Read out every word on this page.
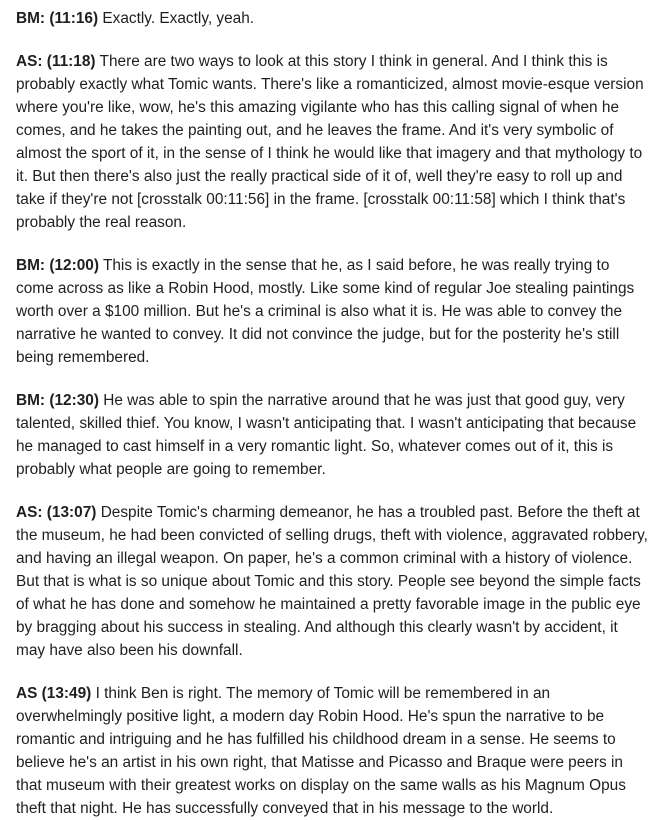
BM: (11:16) Exactly. Exactly, yeah.

AS: (11:18) There are two ways to look at this story I think in general. And I think this is probably exactly what Tomic wants. There's like a romanticized, almost movie-esque version where you're like, wow, he's this amazing vigilante who has this calling signal of when he comes, and he takes the painting out, and he leaves the frame. And it's very symbolic of almost the sport of it, in the sense of I think he would like that imagery and that mythology to it. But then there's also just the really practical side of it of, well they're easy to roll up and take if they're not [crosstalk 00:11:56] in the frame. [crosstalk 00:11:58] which I think that's probably the real reason.

BM: (12:00) This is exactly in the sense that he, as I said before, he was really trying to come across as like a Robin Hood, mostly. Like some kind of regular Joe stealing paintings worth over a $100 million. But he's a criminal is also what it is. He was able to convey the narrative he wanted to convey. It did not convince the judge, but for the posterity he's still being remembered.

BM: (12:30) He was able to spin the narrative around that he was just that good guy, very talented, skilled thief. You know, I wasn't anticipating that. I wasn't anticipating that because he managed to cast himself in a very romantic light. So, whatever comes out of it, this is probably what people are going to remember.

AS: (13:07) Despite Tomic's charming demeanor, he has a troubled past. Before the theft at the museum, he had been convicted of selling drugs, theft with violence, aggravated robbery, and having an illegal weapon. On paper, he's a common criminal with a history of violence. But that is what is so unique about Tomic and this story. People see beyond the simple facts of what he has done and somehow he maintained a pretty favorable image in the public eye by bragging about his success in stealing. And although this clearly wasn't by accident, it may have also been his downfall.

AS (13:49) I think Ben is right. The memory of Tomic will be remembered in an overwhelmingly positive light, a modern day Robin Hood. He's spun the narrative to be romantic and intriguing and he has fulfilled his childhood dream in a sense. He seems to believe he's an artist in his own right, that Matisse and Picasso and Braque were peers in that museum with their greatest works on display on the same walls as his Magnum Opus theft that night. He has successfully conveyed that in his message to the world.
